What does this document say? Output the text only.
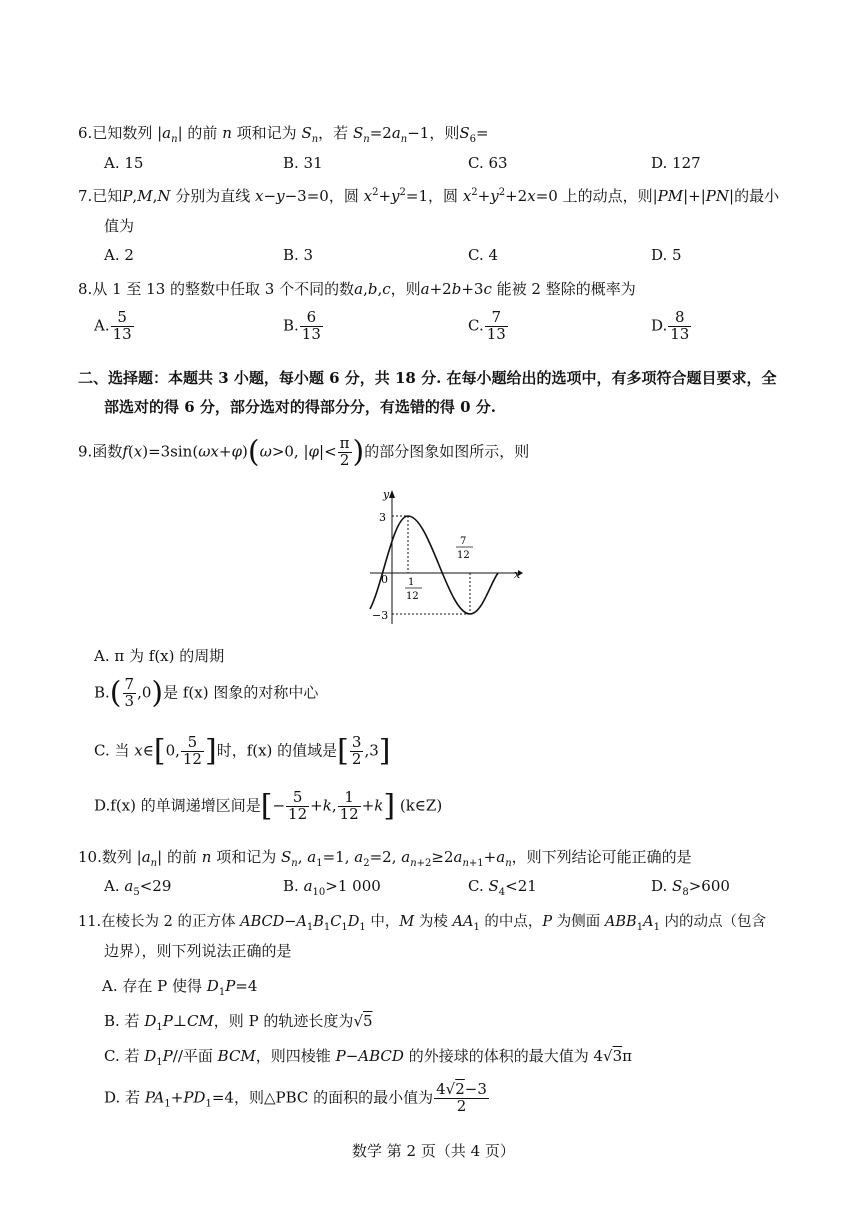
6.已知数列 $|a_n|$ 的前 n 项和记为 $S_n$，若 $S_n=2a_n-1$，则$S_6=$
A. 15	B. 31	C. 63	D. 127
7.已知P,M,N 分别为直线 x−y−3=0，圆 $x^2+y^2=1$，圆 $x^2+y^2+2x=0$ 上的动点，则|PM|+|PN|的最小
值为
A. 2	B. 3	C. 4	D. 5
8.从 1 至 13 的整数中任取 3 个不同的数a,b,c，则a+2b+3c 能被 2 整除的概率为
A. $\frac{5}{13}$	B. $\frac{6}{13}$	C. $\frac{7}{13}$	D. $\frac{8}{13}$
二、选择题：本题共 3 小题，每小题 6 分，共 18 分. 在每小题给出的选项中，有多项符合题目要求，全
部选对的得 6 分，部分选对的得部分分，有选错的得 0 分.
9.函数f(x)=3sin(ωx+φ)(ω>0, $|\varphi|< \frac{\pi}{2}$ )的部分图象如图所示，则
y
x
0
3
−3
1
12
7
12
A. π 为 f(x) 的周期
$B.( \frac{7}{3} ,0)$是 f(x) 图象的对称中心
C. 当 x∈[0, $\frac{5}{12}$ ]时，f(x) 的值域是[ $\frac{3}{2} ,3$]
D.f(x) 的单调递增区间是[− $\frac{5}{12} +k$, $\frac{1}{12} +k$] (k∈Z)
10.数列 $|a_n|$ 的前 n 项和记为 $S_n$, $a_1=1$, $a_2=2$, $a_{n+2}\ge 2a_{n+1}+a_n$，则下列结论可能正确的是
A. $a_5<29$	B. $a_{10}>1$ 000	C. $S_4<21$	D. $S_8>600$
11.在棱长为 2 的正方体 $ABCD-A_1B_1C_1D_1$ 中，M 为棱 $AA_1$ 的中点，P 为侧面 $ABB_1A_1$ 内的动点（包含
边界），则下列说法正确的是
A. 存在 P 使得 $D_1P=4$
B. 若 $D_1P\perp CM$，则 P 的轨迹长度为√5
C. 若 $D_1P//$平面 BCM，则四棱锥 P−ABCD 的外接球的体积的最大值为 4√3π
D. 若 $PA_1+PD_1=4$，则△PBC 的面积的最小值为 $\frac{4√2-3}{2}$
数学 第 2 页（共 4 页）
